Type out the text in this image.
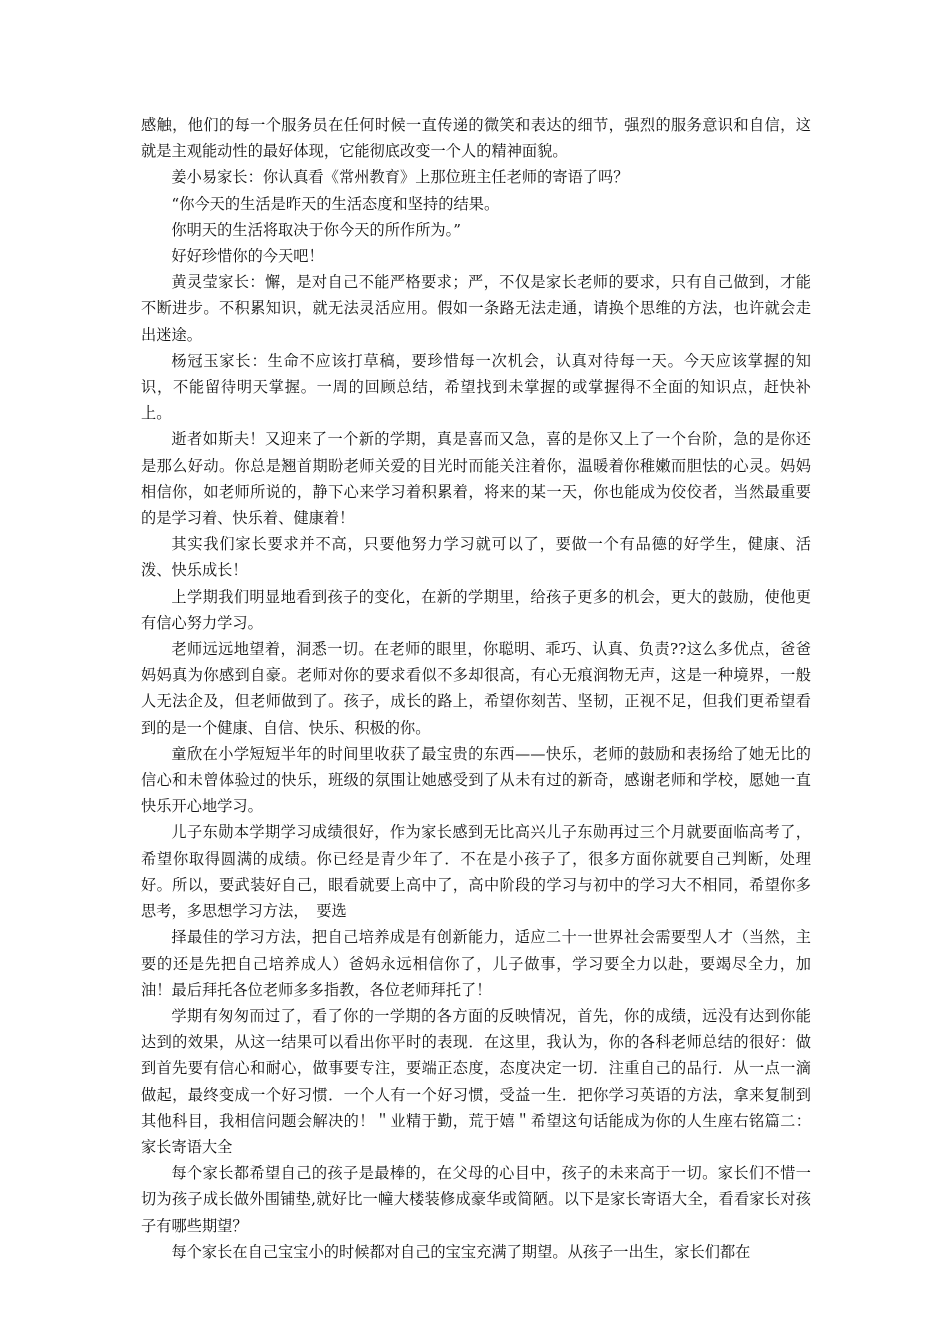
感触，他们的每一个服务员在任何时候一直传递的微笑和表达的细节，强烈的服务意识和自信，这就是主观能动性的最好体现，它能彻底改变一个人的精神面貌。

姜小易家长：你认真看《常州教育》上那位班主任老师的寄语了吗？

“你今天的生活是昨天的生活态度和坚持的结果。

你明天的生活将取决于你今天的所作所为。”

好好珍惜你的今天吧！

黄灵莹家长：懈，是对自己不能严格要求；严，不仅是家长老师的要求，只有自己做到，才能不断进步。不积累知识，就无法灵活应用。假如一条路无法走通，请换个思维的方法，也许就会走出迷途。

杨冠玉家长：生命不应该打草稿，要珍惜每一次机会，认真对待每一天。今天应该掌握的知识，不能留待明天掌握。一周的回顾总结，希望找到未掌握的或掌握得不全面的知识点，赶快补上。

逝者如斯夫！又迎来了一个新的学期，真是喜而又急，喜的是你又上了一个台阶，急的是你还是那么好动。你总是翘首期盼老师关爱的目光时而能关注着你，温暖着你稚嫩而胆怯的心灵。妈妈相信你，如老师所说的，静下心来学习着积累着，将来的某一天，你也能成为佼佼者，当然最重要的是学习着、快乐着、健康着！

其实我们家长要求并不高，只要他努力学习就可以了，要做一个有品德的好学生，健康、活泼、快乐成长！

上学期我们明显地看到孩子的变化，在新的学期里，给孩子更多的机会，更大的鼓励，使他更有信心努力学习。

老师远远地望着，洞悉一切。在老师的眼里，你聪明、乖巧、认真、负责??这么多优点，爸爸妈妈真为你感到自豪。老师对你的要求看似不多却很高，有心无痕润物无声，这是一种境界，一般人无法企及，但老师做到了。孩子，成长的路上，希望你刻苦、坚韧，正视不足，但我们更希望看到的是一个健康、自信、快乐、积极的你。

童欣在小学短短半年的时间里收获了最宝贵的东西——快乐，老师的鼓励和表扬给了她无比的信心和未曾体验过的快乐，班级的氛围让她感受到了从未有过的新奇，感谢老师和学校，愿她一直快乐开心地学习。

儿子东勋本学期学习成绩很好，作为家长感到无比高兴儿子东勋再过三个月就要面临高考了，希望你取得圆满的成绩。你已经是青少年了．不在是小孩子了，很多方面你就要自己判断，处理好。所以，要武装好自己，眼看就要上高中了，高中阶段的学习与初中的学习大不相同，希望你多思考，多思想学习方法，　要选

择最佳的学习方法，把自己培养成是有创新能力，适应二十一世界社会需要型人才（当然，主要的还是先把自己培养成人）爸妈永远相信你了，儿子做事，学习要全力以赴，要竭尽全力，加油！最后拜托各位老师多多指教，各位老师拜托了！

学期有匆匆而过了，看了你的一学期的各方面的反映情况，首先，你的成绩，远没有达到你能达到的效果，从这一结果可以看出你平时的表现．在这里，我认为，你的各科老师总结的很好：做到首先要有信心和耐心，做事要专注，要端正态度，态度决定一切．注重自己的品行．从一点一滴做起，最终变成一个好习惯．一个人有一个好习惯，受益一生．把你学习英语的方法，拿来复制到其他科目，我相信问题会解决的！＂业精于勤，荒于嬉＂希望这句话能成为你的人生座右铭篇二：家长寄语大全

每个家长都希望自己的孩子是最棒的，在父母的心目中，孩子的未来高于一切。家长们不惜一切为孩子成长做外围铺垫,就好比一幢大楼装修成豪华或简陋。以下是家长寄语大全，看看家长对孩子有哪些期望？

每个家长在自己宝宝小的时候都对自己的宝宝充满了期望。从孩子一出生，家长们都在
